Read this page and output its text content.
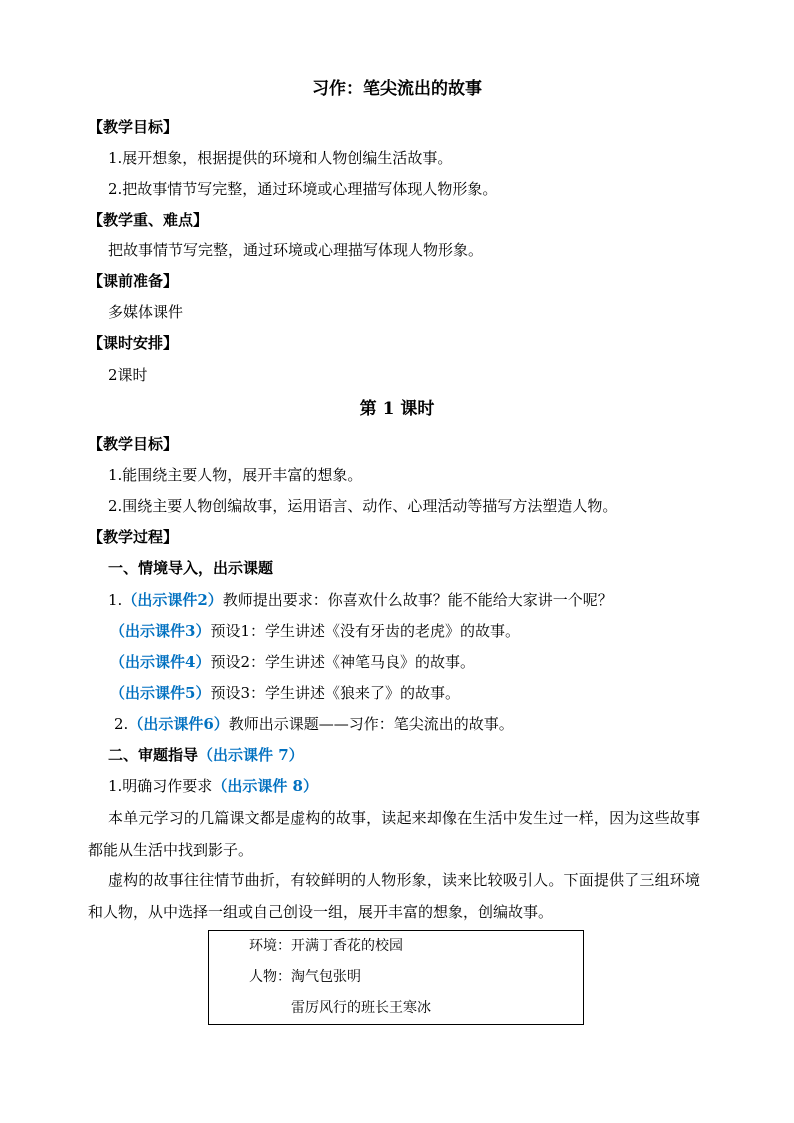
习作：笔尖流出的故事
【教学目标】
1.展开想象，根据提供的环境和人物创编生活故事。
2.把故事情节写完整，通过环境或心理描写体现人物形象。
【教学重、难点】
把故事情节写完整，通过环境或心理描写体现人物形象。
【课前准备】
多媒体课件
【课时安排】
2课时
第 1 课时
【教学目标】
1.能围绕主要人物，展开丰富的想象。
2.围绕主要人物创编故事，运用语言、动作、心理活动等描写方法塑造人物。
【教学过程】
一、情境导入，出示课题
1.（出示课件2）教师提出要求：你喜欢什么故事？能不能给大家讲一个呢？
（出示课件3）预设1：学生讲述《没有牙齿的老虎》的故事。
（出示课件4）预设2：学生讲述《神笔马良》的故事。
（出示课件5）预设3：学生讲述《狼来了》的故事。
2.（出示课件6）教师出示课题——习作：笔尖流出的故事。
二、审题指导（出示课件 7）
1.明确习作要求（出示课件 8）
本单元学习的几篇课文都是虚构的故事，读起来却像在生活中发生过一样，因为这些故事都能从生活中找到影子。
虚构的故事往往情节曲折，有较鲜明的人物形象，读来比较吸引人。下面提供了三组环境和人物，从中选择一组或自己创设一组，展开丰富的想象，创编故事。
环境：开满丁香花的校园
人物：淘气包张明
雷厉风行的班长王寒冰
